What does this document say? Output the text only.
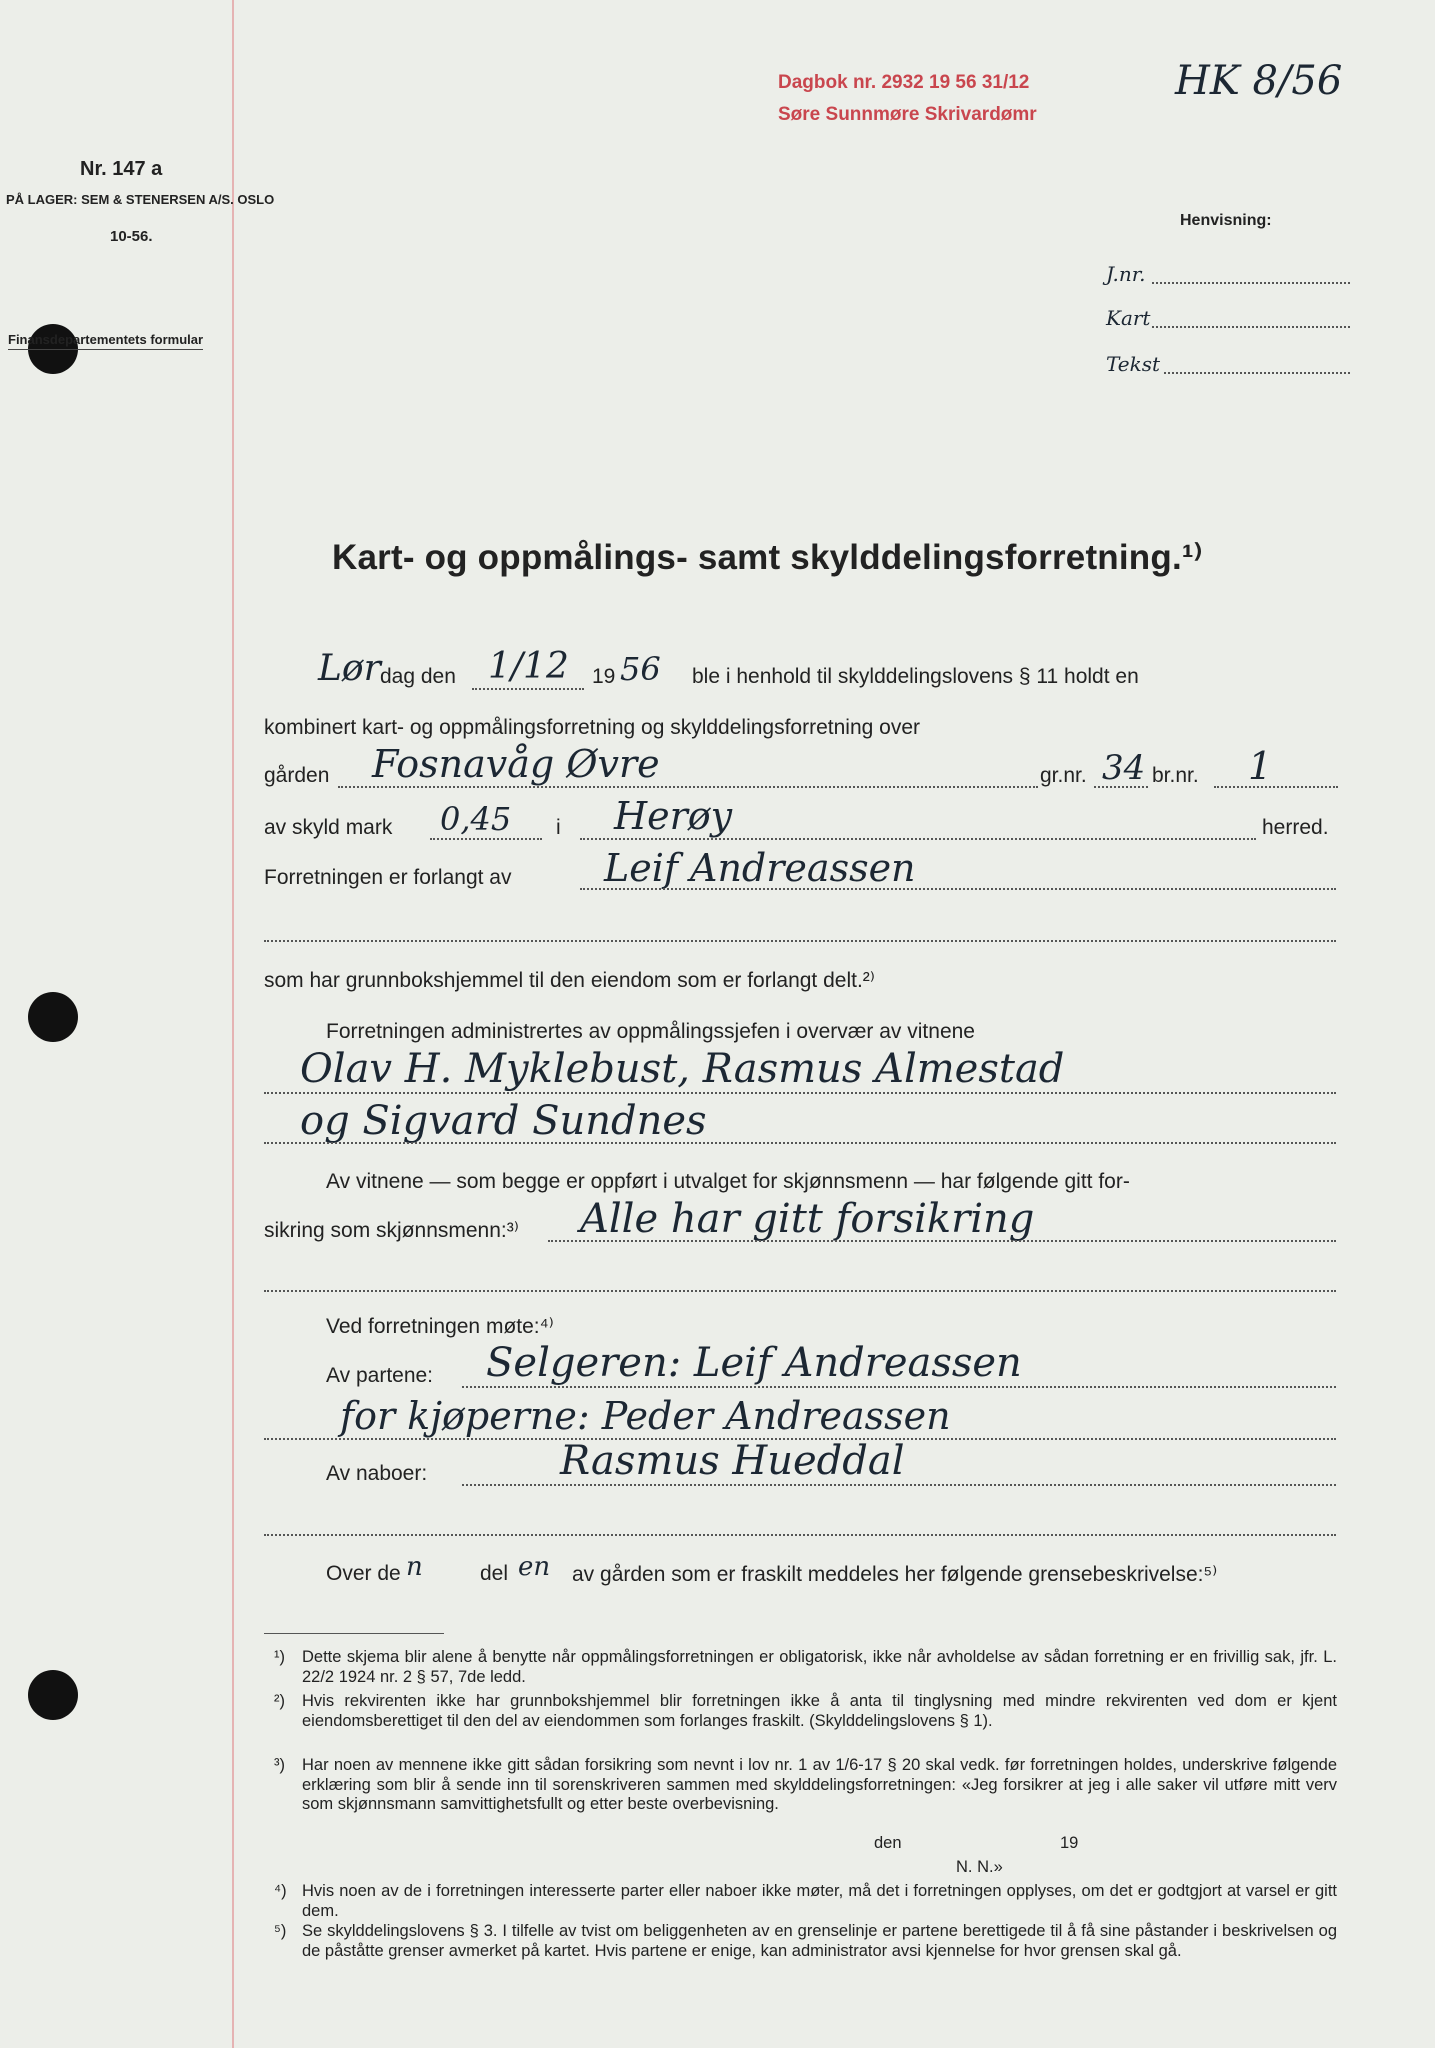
Dagbok nr. 2932 19 56 31/12
Søre Sunnmøre Skrivardømr
HK 8/56
Nr. 147 a
PÅ LAGER: SEM & STENERSEN A/S. OSLO
10-56.
Finansdepartementets formular
Henvisning:
J.nr.
Kart
Tekst
Kart- og oppmålings- samt skylddelingsforretning.¹⁾
Lør dag den 1/12 19 56 ble i henhold til skylddelingslovens § 11 holdt en
kombinert kart- og oppmålingsforretning og skylddelingsforretning over
gården Fosnavåg Øvre	gr.nr. 34 br.nr. 1
av skyld mark 0,45 i Herøy	herred.
Forretningen er forlangt av Leif Andreassen
som har grunnbokshjemmel til den eiendom som er forlangt delt.²⁾
Forretningen administrertes av oppmålingssjefen i overvær av vitnene
Olav H. Myklebust, Rasmus Almestad
og Sigvard Sundnes
Av vitnene — som begge er oppført i utvalget for skjønnsmenn — har følgende gitt for-
sikring som skjønnsmenn:³⁾ Alle har gitt forsikring
Ved forretningen møte:⁴⁾
Av partene: Selgeren: Leif Andreassen
for kjøperne: Peder Andreassen
Av naboer:	Rasmus Hueddal
Over de n	del en av gården som er fraskilt meddeles her følgende grensebeskrivelse:⁵⁾
¹) Dette skjema blir alene å benytte når oppmålingsforretningen er obligatorisk, ikke når avholdelse av sådan forretning er en frivillig sak, jfr. L. 22/2 1924 nr. 2 § 57, 7de ledd.
²) Hvis rekvirenten ikke har grunnbokshjemmel blir forretningen ikke å anta til tinglysning med mindre rekvirenten ved dom er kjent eiendomsberettiget til den del av eiendommen som forlanges fraskilt. (Skylddelingslovens § 1).
³) Har noen av mennene ikke gitt sådan forsikring som nevnt i lov nr. 1 av 1/6-17 § 20 skal vedk. før forretningen holdes, underskrive følgende erklæring som blir å sende inn til sorenskriveren sammen med skylddelingsforretningen: «Jeg forsikrer at jeg i alle saker vil utføre mitt verv som skjønnsmann samvittighetsfullt og etter beste overbevisning.
den	19
N. N.»
⁴) Hvis noen av de i forretningen interesserte parter eller naboer ikke møter, må det i forretningen opplyses, om det er godtgjort at varsel er gitt dem.
⁵) Se skylddelingslovens § 3. I tilfelle av tvist om beliggenheten av en grenselinje er partene berettigede til å få sine påstander i beskrivelsen og de påståtte grenser avmerket på kartet. Hvis partene er enige, kan administrator avsi kjennelse for hvor grensen skal gå.
